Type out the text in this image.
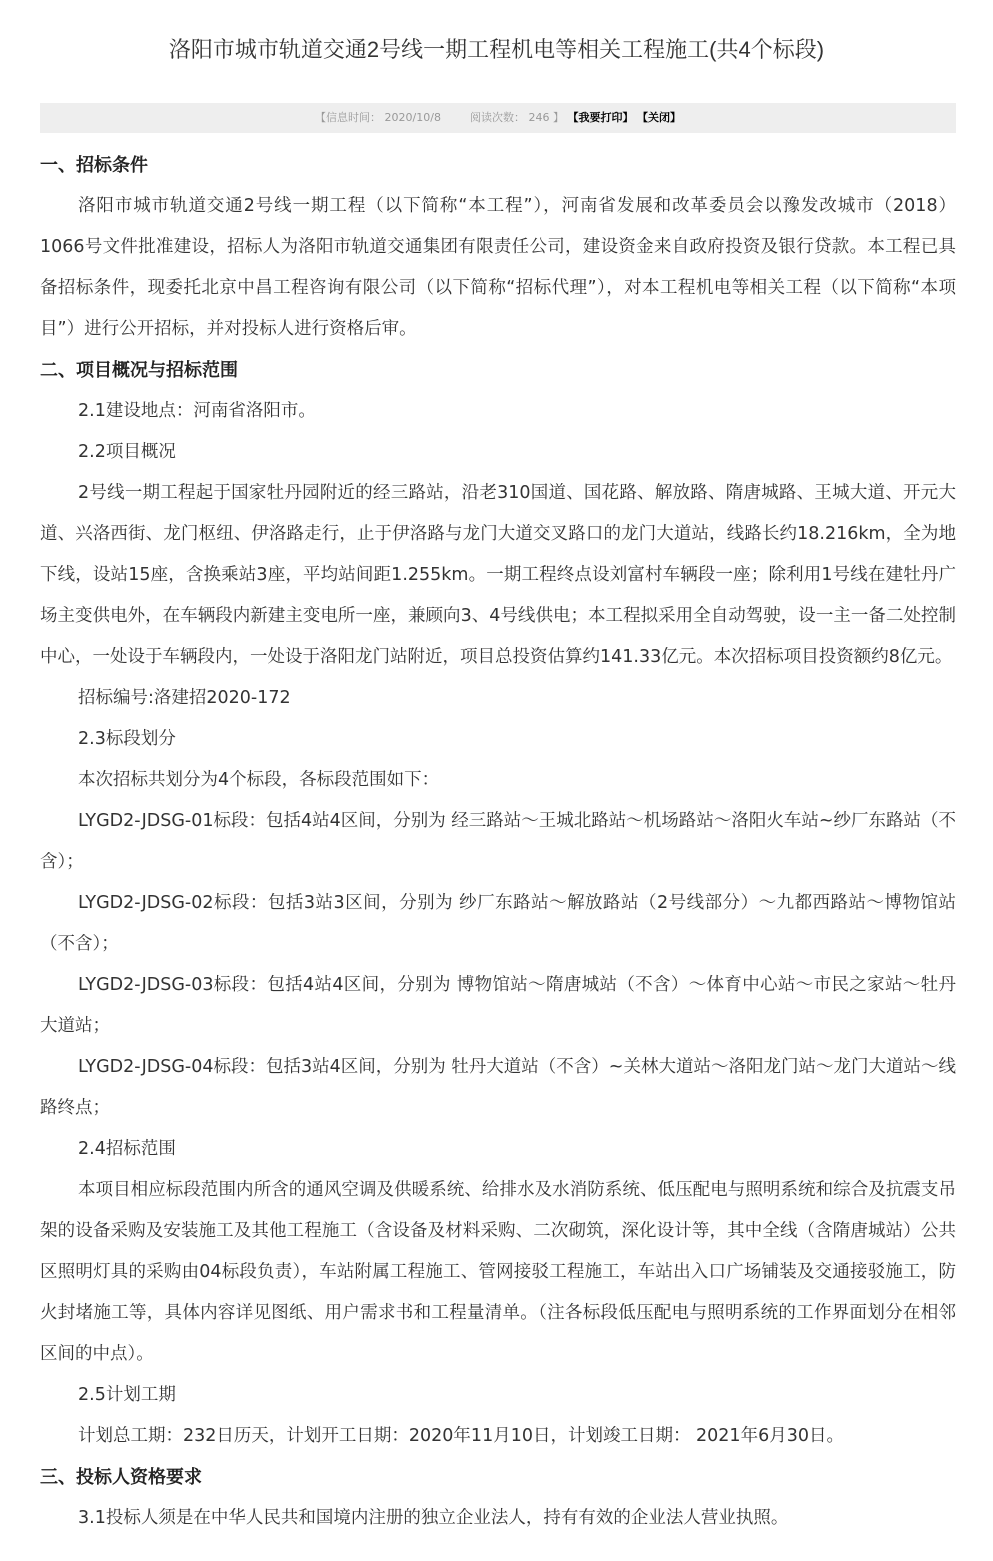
洛阳市城市轨道交通2号线一期工程机电等相关工程施工(共4个标段)
【信息时间： 2020/10/8	阅读次数： 246 】 【我要打印】 【关闭】

一、招标条件

洛阳市城市轨道交通2号线一期工程（以下简称“本工程”），河南省发展和改革委员会以豫发改城市（2018）1066号文件批准建设，招标人为洛阳市轨道交通集团有限责任公司，建设资金来自政府投资及银行贷款。本工程已具备招标条件，现委托北京中昌工程咨询有限公司（以下简称“招标代理”），对本工程机电等相关工程（以下简称“本项目”）进行公开招标，并对投标人进行资格后审。

二、项目概况与招标范围

2.1建设地点：河南省洛阳市。

2.2项目概况

2号线一期工程起于国家牡丹园附近的经三路站，沿老310国道、国花路、解放路、隋唐城路、王城大道、开元大道、兴洛西街、龙门枢纽、伊洛路走行，止于伊洛路与龙门大道交叉路口的龙门大道站，线路长约18.216km，全为地下线，设站15座，含换乘站3座，平均站间距1.255km。一期工程终点设刘富村车辆段一座；除利用1号线在建牡丹广场主变供电外，在车辆段内新建主变电所一座，兼顾向3、4号线供电；本工程拟采用全自动驾驶，设一主一备二处控制中心，一处设于车辆段内，一处设于洛阳龙门站附近，项目总投资估算约141.33亿元。本次招标项目投资额约8亿元。

招标编号:洛建招2020-172

2.3标段划分

本次招标共划分为4个标段，各标段范围如下：

LYGD2-JDSG-01标段：包括4站4区间，分别为 经三路站～王城北路站～机场路站～洛阳火车站~纱厂东路站（不含）；

LYGD2-JDSG-02标段：包括3站3区间，分别为 纱厂东路站～解放路站（2号线部分）～九都西路站～博物馆站（不含）；

LYGD2-JDSG-03标段：包括4站4区间，分别为 博物馆站～隋唐城站（不含）～体育中心站～市民之家站～牡丹大道站；

LYGD2-JDSG-04标段：包括3站4区间，分别为 牡丹大道站（不含）~关林大道站～洛阳龙门站～龙门大道站～线路终点；

2.4招标范围

本项目相应标段范围内所含的通风空调及供暖系统、给排水及水消防系统、低压配电与照明系统和综合及抗震支吊架的设备采购及安装施工及其他工程施工（含设备及材料采购、二次砌筑，深化设计等，其中全线（含隋唐城站）公共区照明灯具的采购由04标段负责），车站附属工程施工、管网接驳工程施工，车站出入口广场铺装及交通接驳施工，防火封堵施工等，具体内容详见图纸、用户需求书和工程量清单。（注各标段低压配电与照明系统的工作界面划分在相邻区间的中点）。

2.5计划工期

计划总工期：232日历天，计划开工日期：2020年11月10日，计划竣工日期： 2021年6月30日。

三、投标人资格要求

3.1投标人须是在中华人民共和国境内注册的独立企业法人，持有有效的企业法人营业执照。
